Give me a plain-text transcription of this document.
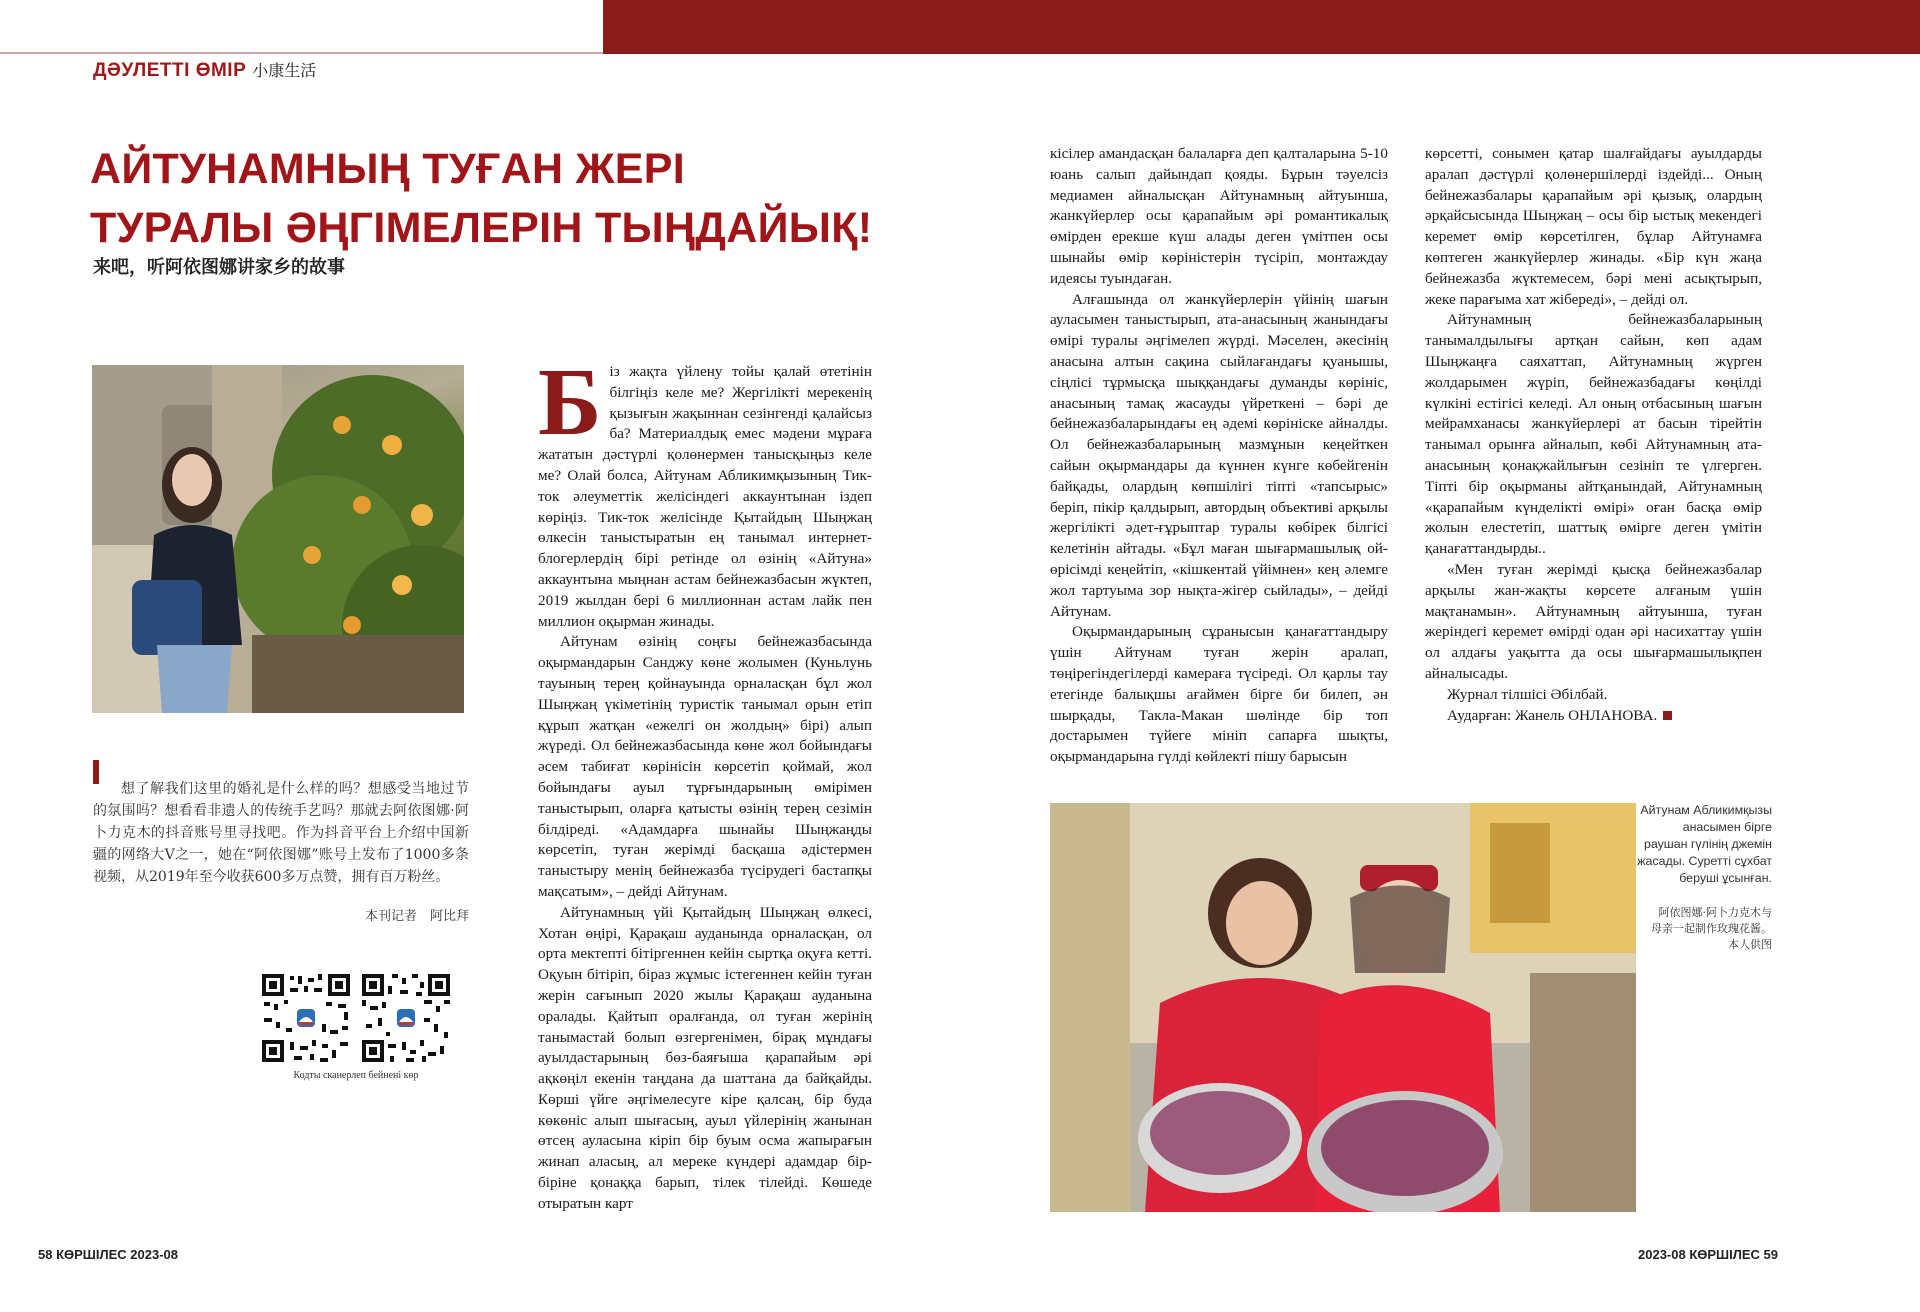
ДӘУЛЕТТІ ӨМІР 小康生活
АЙТУНАМНЫҢ ТУҒАН ЖЕРІ
ТУРАЛЫ ӘҢГІМЕЛЕРІН ТЫҢДАЙЫҚ!
来吧，听阿依图娜讲家乡的故事
想了解我们这里的婚礼是什么样的吗？想感受当地过节的氛围吗？想看看非遗人的传统手艺吗？那就去阿依图娜·阿卜力克木的抖音账号里寻找吧。作为抖音平台上介绍中国新疆的网络大Ⅴ之一，她在“阿依图娜”账号上发布了1000多条视频，从2019年至今收获600多万点赞，拥有百万粉丝。
本刊记者　阿比拜
Кодты сканерлеп бейнені көр

Біз жақта үйлену тойы қалай өтетінін білгіңіз келе ме? Жергілікті мерекенің қызығын жақыннан сезінгенді қалайсыз ба? Материалдық емес мәдени мұраға жататын дәстүрлі қолөнермен танысқыңыз келе ме? Олай болса, Айтунам Абликимқызының Тик-ток әлеуметтік желісіндегі аккаунтынан іздеп көріңіз. Тик-ток желісінде Қытайдың Шыңжаң өлкесін таныстыратын ең танымал интернет-блогерлердің бірі ретінде ол өзінің «Айтуна» аккаунтына мыңнан астам бейнежазбасын жүктеп, 2019 жылдан бері 6 миллионнан астам лайк пен миллион оқырман жинады.

Айтунам өзінің соңғы бейнежазбасында оқырмандарын Санджу көне жолымен (Куньлунь тауының терең қойнауында орналасқан бұл жол Шыңжаң үкіметінің туристік танымал орын етіп құрып жатқан «ежелгі он жолдың» бірі) алып жүреді. Ол бейнежазбасында көне жол бойындағы әсем табиғат көрінісін көрсетіп қоймай, жол бойындағы ауыл тұрғындарының өмірімен таныстырып, оларға қатысты өзінің терең сезімін білдіреді. «Адамдарға шынайы Шыңжаңды көрсетіп, туған жерімді басқаша әдістермен таныстыру менің бейнежазба түсірудегі бастапқы мақсатым», – дейді Айтунам.

Айтунамның үйі Қытайдың Шыңжаң өлкесі, Хотан өңірі, Қарақаш ауданында орналасқан, ол орта мектепті бітіргеннен кейін сыртқа оқуға кетті. Оқуын бітіріп, біраз жұмыс істегеннен кейін туған жерін сағынып 2020 жылы Қарақаш ауданына оралады. Қайтып оралғанда, ол туған жерінің танымастай болып өзгергенімен, бірақ мұндағы ауылдастарының бөз-баяғыша қарапайым әрі ақкөңіл екенін таңдана да шаттана да байқайды. Көрші үйге әңгімелесуге кіре қалсаң, бір буда көкөніс алып шығасың, ауыл үйлерінің жанынан өтсең ауласына кіріп бір буым осма жапырағын жинап аласың, ал мереке күндері адамдар бір-біріне қонаққа барып, тілек тілейді. Көшеде отыратын карт

кісілер амандасқан балаларға деп қалталарына 5-10 юань салып дайындап қояды. Бұрын тәуелсіз медиамен айналысқан Айтунамның айтуынша, жанкүйерлер осы қарапайым әрі романтикалық өмірден ерекше күш алады деген үмітпен осы шынайы өмір көріністерін түсіріп, монтаждау идеясы туындаған.

Алғашында ол жанкүйерлерін үйінің шағын ауласымен таныстырып, ата-анасының жанындағы өмірі туралы әңгімелеп жүрді. Мәселен, әкесінің анасына алтын сақина сыйлағандағы қуанышы, сіңлісі тұрмысқа шыққандағы думанды көрініс, анасының тамақ жасауды үйреткені – бәрі де бейнежазбаларындағы ең әдемі көрініске айналды. Ол бейнежазбаларының мазмұнын кеңейткен сайын оқырмандары да күннен күнге көбейгенін байқады, олардың көпшілігі тіпті «тапсырыс» беріп, пікір қалдырып, автордың объективі арқылы жергілікті әдет-ғұрыптар туралы көбірек білгісі келетінін айтады. «Бұл маған шығармашылық ой-өрісімді кеңейтіп, «кішкентай үйімнен» кең әлемге жол тартуыма зор нықта-жігер сыйлады», – дейді Айтунам.

Оқырмандарының сұранысын қанағаттандыру үшін Айтунам туған жерін аралап, төңірегіндегілерді камераға түсіреді. Ол қарлы тау етегінде балықшы ағаймен бірге би билеп, ән шырқады, Такла-Макан шөлінде бір топ достарымен түйеге мініп сапарға шықты, оқырмандарына гүлді көйлекті пішу барысын

көрсетті, сонымен қатар шалғайдағы ауылдарды аралап дәстүрлі қолөнершілерді іздейді... Оның бейнежазбалары қарапайым әрі қызық, олардың әрқайсысында Шыңжаң – осы бір ыстық мекендегі керемет өмір көрсетілген, бұлар Айтунамға көптеген жанкүйерлер жинады. «Бір күн жаңа бейнежазба жүктемесем, бәрі мені асықтырып, жеке парағыма хат жібереді», – дейді ол.

Айтунамның бейнежазбаларының танымалдылығы артқан сайын, көп адам Шыңжаңға саяхаттап, Айтунамның жүрген жолдарымен жүріп, бейнежазбадағы көңілді күлкіні естігісі келеді. Ал оның отбасының шағын мейрамханасы жанкүйерлері ат басын тірейтін танымал орынға айналып, көбі Айтунамның ата-анасының қонақжайлығын сезініп те үлгерген. Тіпті бір оқырманы айтқанындай, Айтунамның «қарапайым күнделікті өмірі» оған басқа өмір жолын елестетіп, шаттық өмірге деген үмітін қанағаттандырды..

«Мен туған жерімді қысқа бейнежазбалар арқылы жан-жақты көрсете алғаным үшін мақтанамын». Айтунамның айтуынша, туған жеріндегі керемет өмірді одан әрі насихаттау үшін ол алдағы уақытта да осы шығармашылықпен айналысады.

Журнал тілшісі Әбілбай.

Аударған: Жанель ОНЛАНОВА.

Айтунам Абликимқызы анасымен бірге раушан гүлінің джемін жасады. Суретті сұхбат беруші ұсынған.
阿依图娜·阿卜力克木与
母亲一起制作玫瑰花酱。
本人供图
58 КӨРШІЛЕС 2023-08	2023-08 КӨРШІЛЕС 59
